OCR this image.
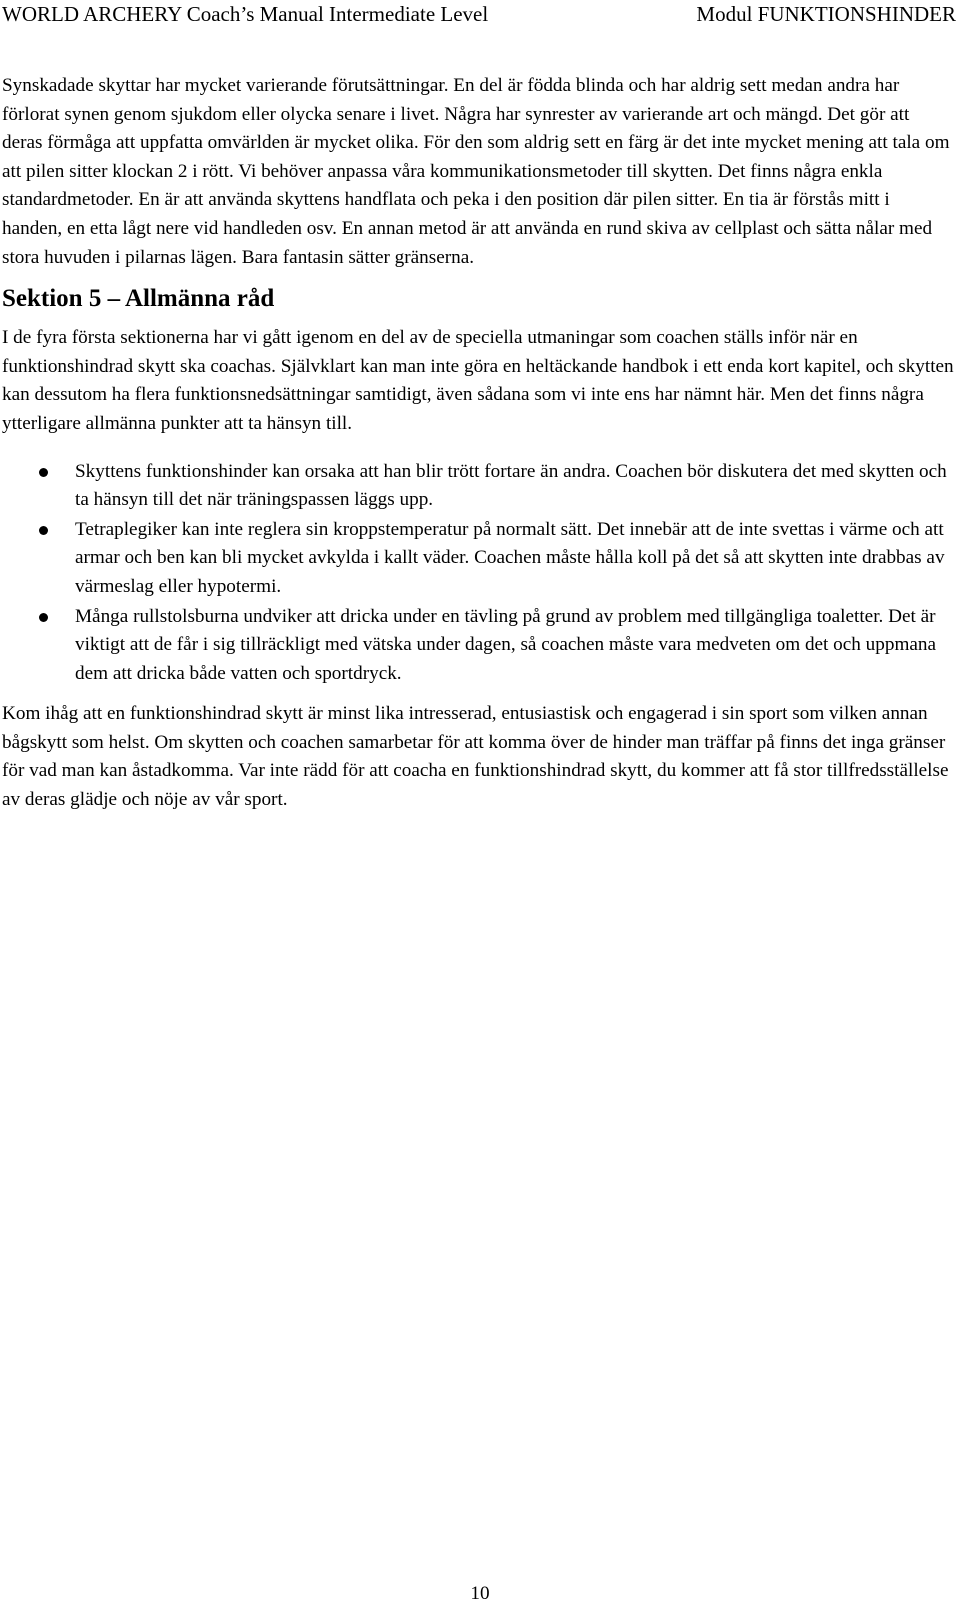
WORLD ARCHERY Coach’s Manual Intermediate Level	Modul FUNKTIONSHINDER

Synskadade skyttar har mycket varierande förutsättningar. En del är födda blinda och har aldrig sett medan andra har förlorat synen genom sjukdom eller olycka senare i livet. Några har synrester av varierande art och mängd. Det gör att deras förmåga att uppfatta omvärlden är mycket olika. För den som aldrig sett en färg är det inte mycket mening att tala om att pilen sitter klockan 2 i rött. Vi behöver anpassa våra kommunikationsmetoder till skytten. Det finns några enkla standardmetoder. En är att använda skyttens handflata och peka i den position där pilen sitter. En tia är förstås mitt i handen, en etta lågt nere vid handleden osv. En annan metod är att använda en rund skiva av cellplast och sätta nålar med stora huvuden i pilarnas lägen. Bara fantasin sätter gränserna.

Sektion 5 – Allmänna råd

I de fyra första sektionerna har vi gått igenom en del av de speciella utmaningar som coachen ställs inför när en funktionshindrad skytt ska coachas. Självklart kan man inte göra en heltäckande handbok i ett enda kort kapitel, och skytten kan dessutom ha flera funktionsnedsättningar samtidigt, även sådana som vi inte ens har nämnt här. Men det finns några ytterligare allmänna punkter att ta hänsyn till.

Skyttens funktionshinder kan orsaka att han blir trött fortare än andra. Coachen bör diskutera det med skytten och ta hänsyn till det när träningspassen läggs upp.
Tetraplegiker kan inte reglera sin kroppstemperatur på normalt sätt. Det innebär att de inte svettas i värme och att armar och ben kan bli mycket avkylda i kallt väder. Coachen måste hålla koll på det så att skytten inte drabbas av värmeslag eller hypotermi.
Många rullstolsburna undviker att dricka under en tävling på grund av problem med tillgängliga toaletter. Det är viktigt att de får i sig tillräckligt med vätska under dagen, så coachen måste vara medveten om det och uppmana dem att dricka både vatten och sportdryck.

Kom ihåg att en funktionshindrad skytt är minst lika intresserad, entusiastisk och engagerad i sin sport som vilken annan bågskytt som helst. Om skytten och coachen samarbetar för att komma över de hinder man träffar på finns det inga gränser för vad man kan åstadkomma. Var inte rädd för att coacha en funktionshindrad skytt, du kommer att få stor tillfredsställelse av deras glädje och nöje av vår sport.

10
